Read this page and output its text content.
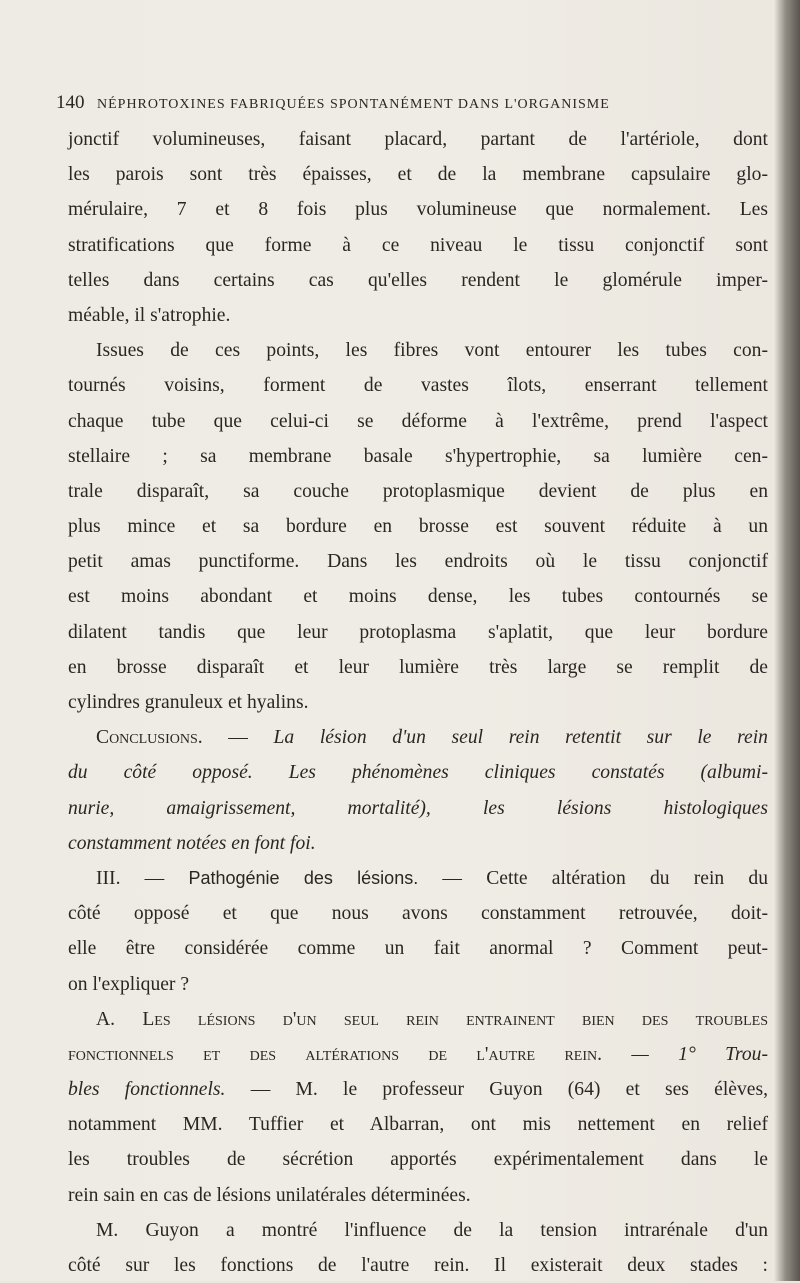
140 NÉPHROTOXINES FABRIQUÉES SPONTANÉMENT DANS L'ORGANISME
jonctif volumineuses, faisant placard, partant de l'artériole, dont
les parois sont très épaisses, et de la membrane capsulaire glo-
mérulaire, 7 et 8 fois plus volumineuse que normalement. Les
stratifications que forme à ce niveau le tissu conjonctif sont
telles dans certains cas qu'elles rendent le glomérule imper-
méable, il s'atrophie.
Issues de ces points, les fibres vont entourer les tubes con-
tournés voisins, forment de vastes îlots, enserrant tellement
chaque tube que celui-ci se déforme à l'extrême, prend l'aspect
stellaire ; sa membrane basale s'hypertrophie, sa lumière cen-
trale disparaît, sa couche protoplasmique devient de plus en
plus mince et sa bordure en brosse est souvent réduite à un
petit amas punctiforme. Dans les endroits où le tissu conjonctif
est moins abondant et moins dense, les tubes contournés se
dilatent tandis que leur protoplasma s'aplatit, que leur bordure
en brosse disparaît et leur lumière très large se remplit de
cylindres granuleux et hyalins.
Conclusions. — La lésion d'un seul rein retentit sur le rein
du côté opposé. Les phénomènes cliniques constatés (albumi-
nurie, amaigrissement, mortalité), les lésions histologiques
constamment notées en font foi.
III. — Pathogénie des lésions. — Cette altération du rein du
côté opposé et que nous avons constamment retrouvée, doit-
elle être considérée comme un fait anormal ? Comment peut-
on l'expliquer ?
A. Les lésions d'un seul rein entrainent bien des troubles
fonctionnels et des altérations de l'autre rein. — 1° Trou-
bles fonctionnels. — M. le professeur Guyon (64) et ses élèves,
notamment MM. Tuffier et Albarran, ont mis nettement en relief
les troubles de sécrétion apportés expérimentalement dans le
rein sain en cas de lésions unilatérales déterminées.
M. Guyon a montré l'influence de la tension intrarénale d'un
côté sur les fonctions de l'autre rein. Il existerait deux stades :
